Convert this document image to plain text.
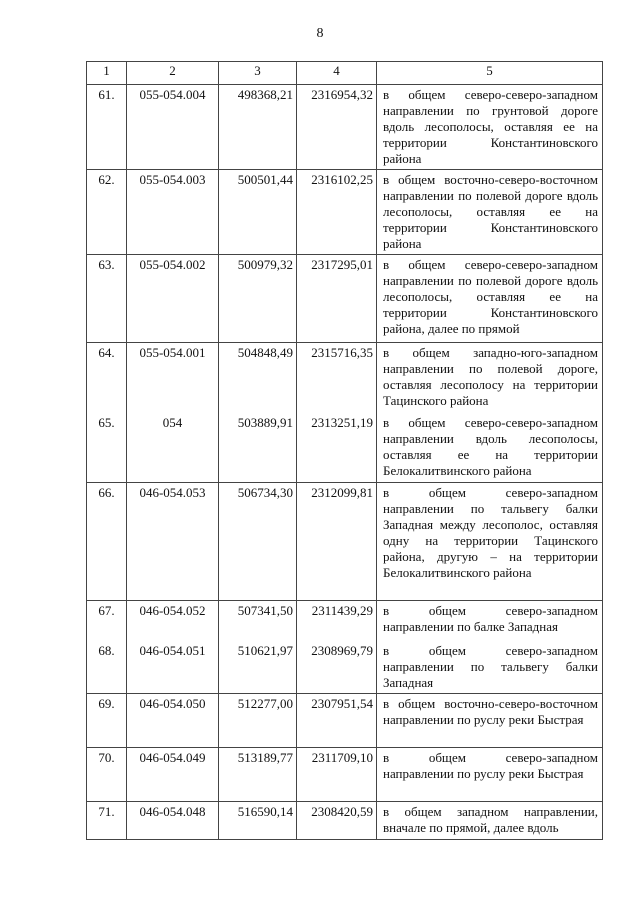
8
1	2	3	4	5
61.	055-054.004	498368,21	2316954,32	в общем северо-северо-западном направлении по грунтовой дороге вдоль лесополосы, оставляя ее на территории Константиновского района
62.	055-054.003	500501,44	2316102,25	в общем восточно-северо-восточном направлении по полевой дороге вдоль лесополосы, оставляя ее на территории Константиновского района
63.	055-054.002	500979,32	2317295,01	в общем северо-северо-западном направлении по полевой дороге вдоль лесополосы, оставляя ее на территории Константиновского района, далее по прямой
64.	055-054.001	504848,49	2315716,35	в общем западно-юго-западном направлении по полевой дороге, оставляя лесополосу на территории Тацинского района
65.	054	503889,91	2313251,19	в общем северо-северо-западном направлении вдоль лесополосы, оставляя ее на территории Белокалитвинского района
66.	046-054.053	506734,30	2312099,81	в общем северо-западном направлении по тальвегу балки Западная между лесополос, оставляя одну на территории Тацинского района, другую – на территории Белокалитвинского района
67.	046-054.052	507341,50	2311439,29	в общем северо-западном направлении по балке Западная
68.	046-054.051	510621,97	2308969,79	в общем северо-западном направлении по тальвегу балки Западная
69.	046-054.050	512277,00	2307951,54	в общем восточно-северо-восточном направлении по руслу реки Быстрая
70.	046-054.049	513189,77	2311709,10	в общем северо-западном направлении по руслу реки Быстрая
71.	046-054.048	516590,14	2308420,59	в общем западном направлении, вначале по прямой, далее вдоль
